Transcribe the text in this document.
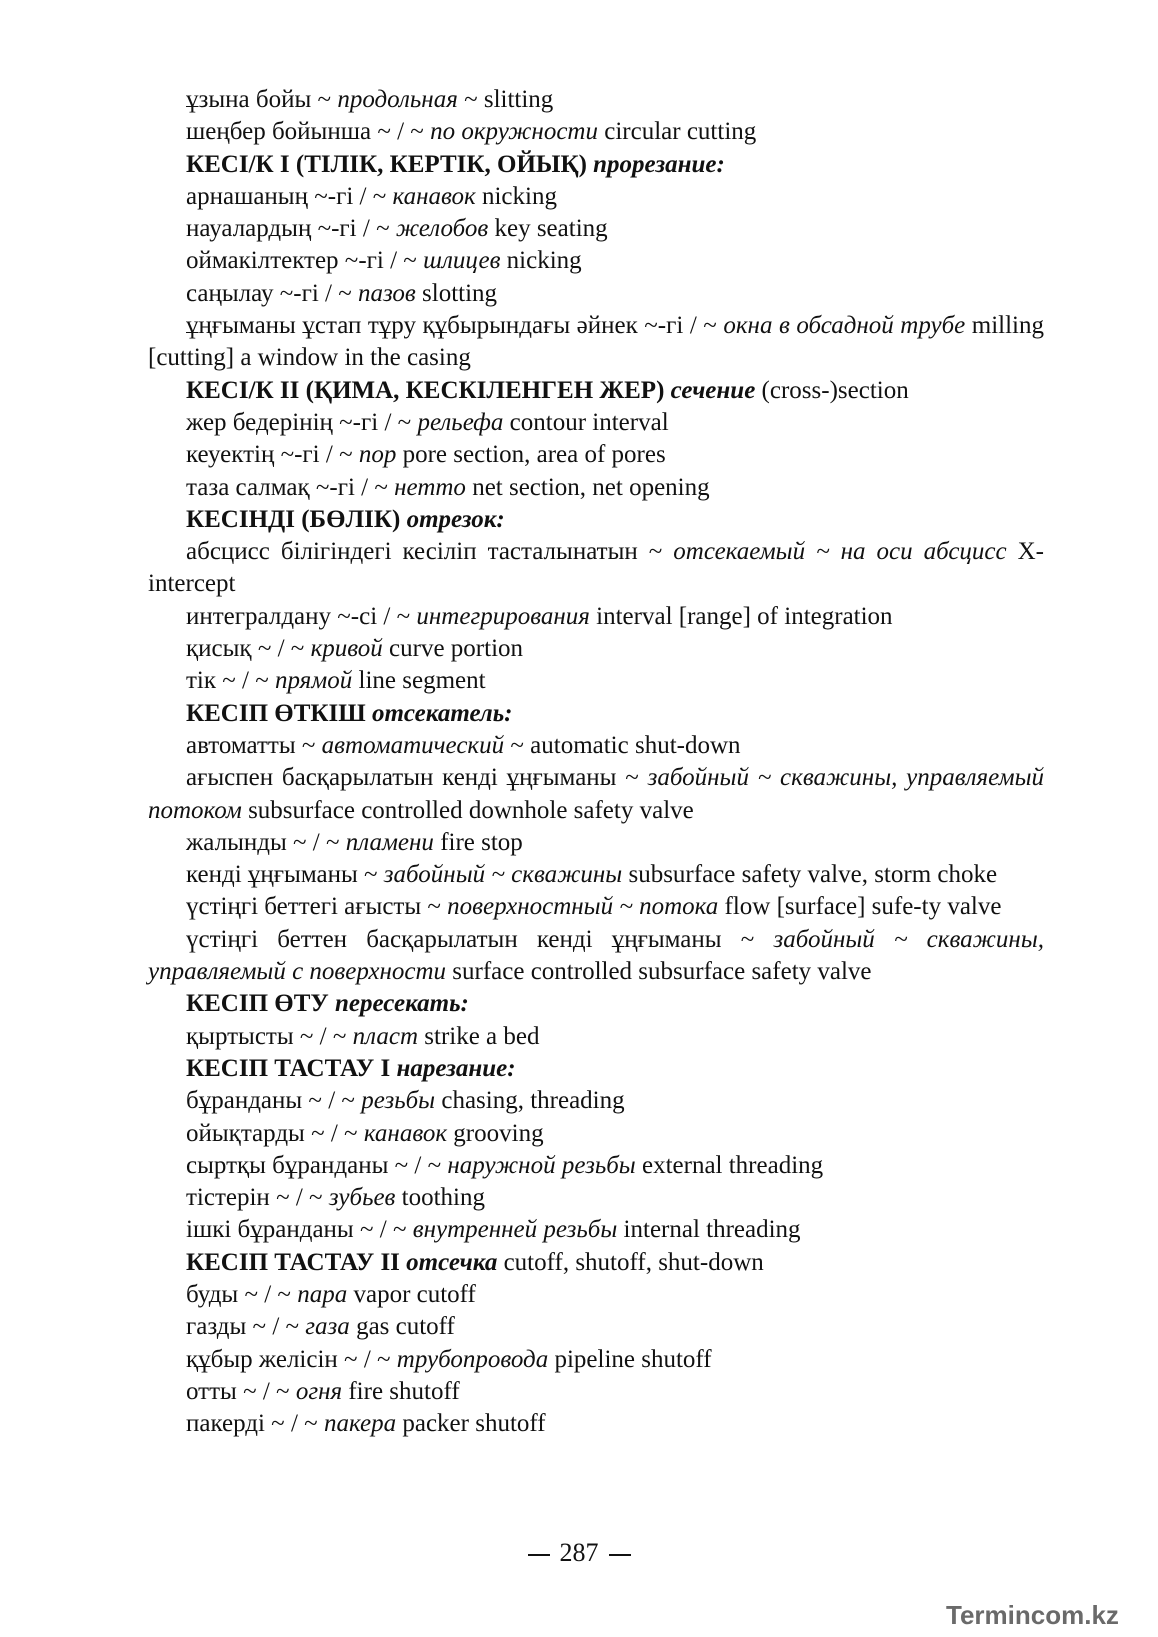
ұзына бойы ~ продольная ~ slitting

шеңбер бойынша ~ / ~ по окружности circular cutting

КЕСІ/К I (ТІЛІК, КЕРТІК, ОЙЫҚ) прорезание:

арнашаның ~-гі / ~ канавок nicking

науалардың ~-гі / ~ желобов key seating

оймакілтектер ~-гі / ~ шлицев nicking

саңылау ~-гі / ~ пазов slotting

ұңғыманы ұстап тұру құбырындағы әйнек ~-гі / ~ окна в обсадной трубе milling [cutting] a window in the casing

КЕСІ/К II (ҚИМА, КЕСКІЛЕНГЕН ЖЕР) сечение (cross-)section

жер бедерінің ~-гі / ~ рельефа contour interval

кеуектің ~-гі / ~ пор pore section, area of pores

таза салмақ ~-гі / ~ нетто net section, net opening

КЕСІНДІ (БӨЛІК) отрезок:

абсцисс білігіндегі кесіліп тасталынатын ~ отсекаемый ~ на оси абсцисс X-intercept

интегралдану ~-сі / ~ интегрирования interval [range] of integration

қисық ~ / ~ кривой curve portion

тік ~ / ~ прямой line segment

КЕСІП ӨТКІШ отсекатель:

автоматты ~ автоматический ~ automatic shut-down

ағыспен басқарылатын кенді ұңғыманы ~ забойный ~ скважины, управляемый потоком subsurface controlled downhole safety valve

жалынды ~ / ~ пламени fire stop

кенді ұңғыманы ~ забойный ~ скважины subsurface safety valve, storm choke

үстіңгі беттегі ағысты ~ поверхностный ~ потока flow [surface] sufe-ty valve

үстіңгі беттен басқарылатын кенді ұңғыманы ~ забойный ~ скважины, управляемый с поверхности surface controlled subsurface safety valve

КЕСІП ӨТУ пересекать:

қыртысты ~ / ~ пласт strike a bed

КЕСІП ТАСТАУ I нарезание:

бұранданы ~ / ~ резьбы chasing, threading

ойықтарды ~ / ~ канавок grooving

сыртқы бұранданы ~ / ~ наружной резьбы external threading

тістерін ~ / ~ зубьев toothing

ішкі бұранданы ~ / ~ внутренней резьбы internal threading

КЕСІП ТАСТАУ II отсечка cutoff, shutoff, shut-down

буды ~ / ~ пара vapor cutoff

газды ~ / ~ газа gas cutoff

құбыр желісін ~ / ~ трубопровода pipeline shutoff

отты ~ / ~ огня fire shutoff

пакерді ~ / ~ пакера packer shutoff

287
Termincom.kz
